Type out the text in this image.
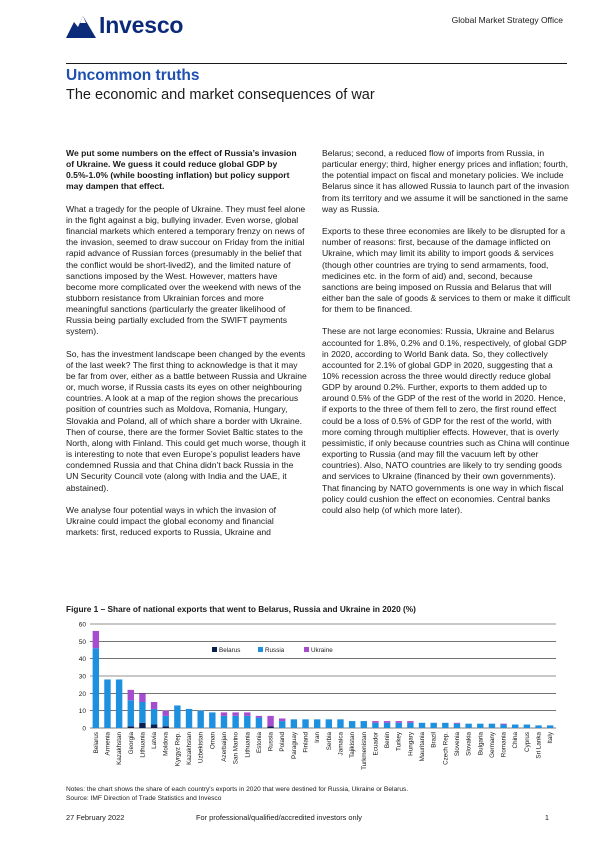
Invesco	Global Market Strategy Office
Uncommon truths
The economic and market consequences of war

We put some numbers on the effect of Russia’s invasion of Ukraine. We guess it could reduce global GDP by 0.5%-1.0% (while boosting inflation) but policy support may dampen that effect.

What a tragedy for the people of Ukraine. They must feel alone in the fight against a big, bullying invader. Even worse, global financial markets which entered a temporary frenzy on news of the invasion, seemed to draw succour on Friday from the initial rapid advance of Russian forces (presumably in the belief that the conflict would be short-lived2), and the limited nature of sanctions imposed by the West. However, matters have become more complicated over the weekend with news of the stubborn resistance from Ukrainian forces and more meaningful sanctions (particularly the greater likelihood of Russia being partially excluded from the SWIFT payments system).

So, has the investment landscape been changed by the events of the last week? The first thing to acknowledge is that it may be far from over, either as a battle between Russia and Ukraine or, much worse, if Russia casts its eyes on other neighbouring countries. A look at a map of the region shows the precarious position of countries such as Moldova, Romania, Hungary, Slovakia and Poland, all of which share a border with Ukraine. Then of course, there are the former Soviet Baltic states to the North, along with Finland. This could get much worse, though it is interesting to note that even Europe’s populist leaders have condemned Russia and that China didn’t back Russia in the UN Security Council vote (along with India and the UAE, it abstained).

We analyse four potential ways in which the invasion of Ukraine could impact the global economy and financial markets: first, reduced exports to Russia, Ukraine and

Belarus; second, a reduced flow of imports from Russia, in particular energy; third, higher energy prices and inflation; fourth, the potential impact on fiscal and monetary policies. We include Belarus since it has allowed Russia to launch part of the invasion from its territory and we assume it will be sanctioned in the same way as Russia.

Exports to these three economies are likely to be disrupted for a number of reasons: first, because of the damage inflicted on Ukraine, which may limit its ability to import goods & services (though other countries are trying to send armaments, food, medicines etc. in the form of aid) and, second, because sanctions are being imposed on Russia and Belarus that will either ban the sale of goods & services to them or make it difficult for them to be financed.

These are not large economies: Russia, Ukraine and Belarus accounted for 1.8%, 0.2% and 0.1%, respectively, of global GDP in 2020, according to World Bank data. So, they collectively accounted for 2.1% of global GDP in 2020, suggesting that a 10% recession across the three would directly reduce global GDP by around 0.2%. Further, exports to them added up to around 0.5% of the GDP of the rest of the world in 2020. Hence, if exports to the three of them fell to zero, the first round effect could be a loss of 0.5% of GDP for the rest of the world, with more coming through multiplier effects. However, that is overly pessimistic, if only because countries such as China will continue exporting to Russia (and may fill the vacuum left by other countries). Also, NATO countries are likely to try sending goods and services to Ukraine (financed by their own governments). That financing by NATO governments is one way in which fiscal policy could cushion the effect on economies. Central banks could also help (of which more later).

Figure 1 – Share of national exports that went to Belarus, Russia and Ukraine in 2020 (%)
0
10
20
30
40
50
60
Belarus Armenia Kazakhstan Georgia Lithuania Latvia Moldova Kyrgyz Rep. Kazakhstan Uzbekistan Oman Azerbaijan San Marino Lithuania Estonia Russia Poland Paraguay Finland Iran Serbia Jamaica Tajikistan Turkmenistan Ecuador Benin Turkey Hungary Mauritania Brazil Czech Rep. Slovenia Slovakia Bulgaria Germany Romania China Cyprus Sri Lanka Italy
Belarus	Russia	Ukraine
Notes: the chart shows the share of each country's exports in 2020 that were destined for Russia, Ukraine or Belarus.
Source: IMF Direction of Trade Statistics and Invesco
27 February 2022	For professional/qualified/accredited investors only	1
